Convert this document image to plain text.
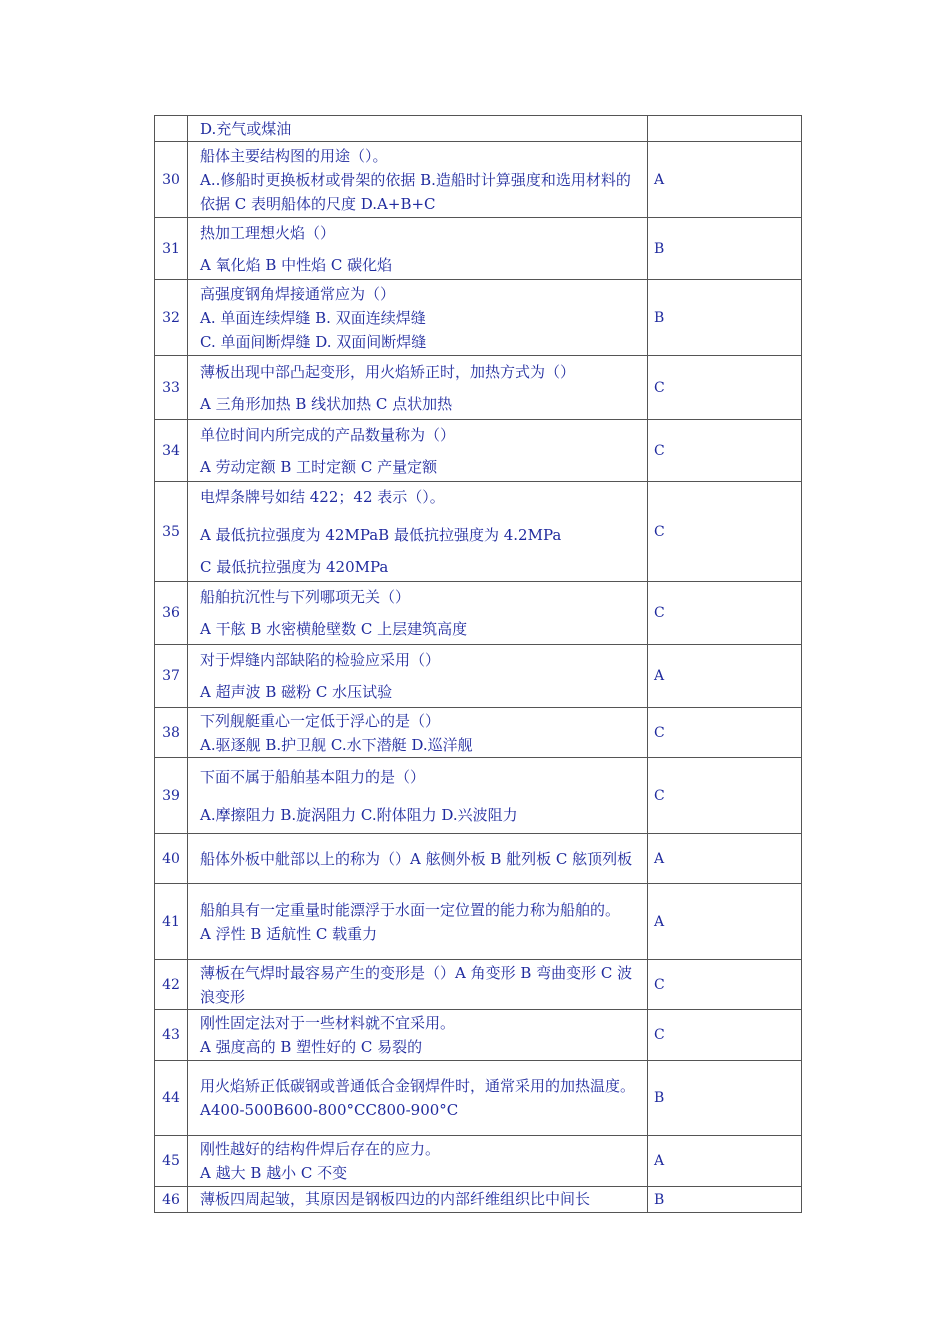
	D.充气或煤油	

30	船体主要结构图的用途（）。
A..修船时更换板材或骨架的依据 B.造船时计算强度和选用材料的依据 C 表明船体的尺度 D.A+B+C	A
31	热加工理想火焰（）
A 氧化焰 B 中性焰 C 碳化焰	B
32	高强度钢角焊接通常应为（）
A. 单面连续焊缝 B. 双面连续焊缝
C. 单面间断焊缝 D. 双面间断焊缝	B
33	薄板出现中部凸起变形，用火焰矫正时，加热方式为（）
A 三角形加热 B 线状加热 C 点状加热	C
34	单位时间内所完成的产品数量称为（）
A 劳动定额 B 工时定额 C 产量定额	C
35	电焊条牌号如结 422；42 表示（）。
A 最低抗拉强度为 42MPaB 最低抗拉强度为 4.2MPa
C 最低抗拉强度为 420MPa	C
36	船舶抗沉性与下列哪项无关（）
A 干舷 B 水密横舱壁数 C 上层建筑高度	C
37	对于焊缝内部缺陷的检验应采用（）
A 超声波 B 磁粉 C 水压试验	A
38	下列舰艇重心一定低于浮心的是（）
A.驱逐舰 B.护卫舰 C.水下潜艇 D.巡洋舰	C
39	下面不属于船舶基本阻力的是（）
A.摩擦阻力 B.旋涡阻力 C.附体阻力 D.兴波阻力	C
40	船体外板中舭部以上的称为（）A 舷侧外板 B 舭列板 C 舷顶列板	A
41	船舶具有一定重量时能漂浮于水面一定位置的能力称为船舶的。
A 浮性 B 适航性 C 载重力	A
42	薄板在气焊时最容易产生的变形是（）A 角变形 B 弯曲变形 C 波浪变形	C
43	刚性固定法对于一些材料就不宜采用。
A 强度高的 B 塑性好的 C 易裂的	C
44	用火焰矫正低碳钢或普通低合金钢焊件时，通常采用的加热温度。
A400-500B600-800°CC800-900°C	B
45	刚性越好的结构件焊后存在的应力。
A 越大 B 越小 C 不变	A
46	薄板四周起皱，其原因是钢板四边的内部纤维组织比中间长	B
